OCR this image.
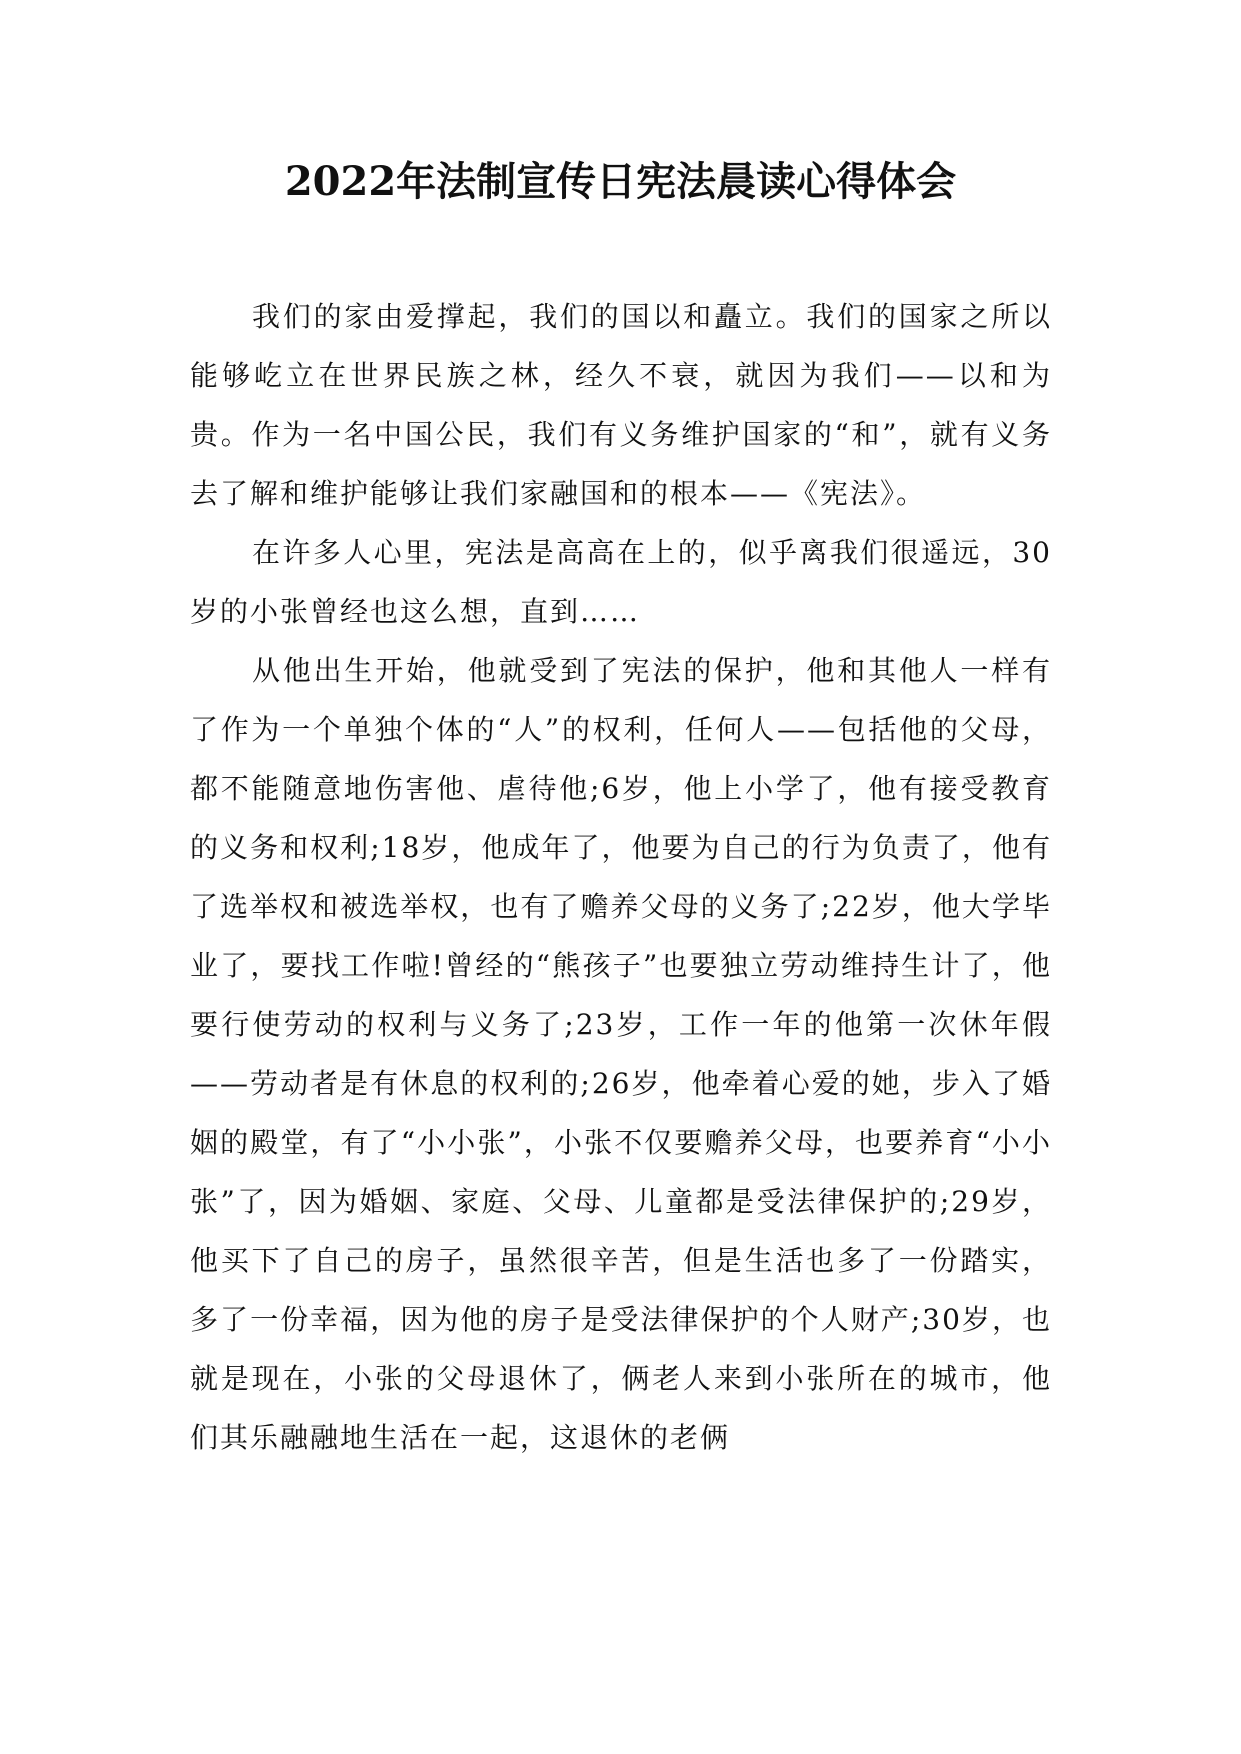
2022年法制宣传日宪法晨读心得体会

我们的家由爱撑起，我们的国以和矗立。我们的国家之所以能够屹立在世界民族之林，经久不衰，就因为我们——以和为贵。作为一名中国公民，我们有义务维护国家的“和”，就有义务去了解和维护能够让我们家融国和的根本——《宪法》。

在许多人心里，宪法是高高在上的，似乎离我们很遥远，30岁的小张曾经也这么想，直到……

从他出生开始，他就受到了宪法的保护，他和其他人一样有了作为一个单独个体的“人”的权利，任何人——包括他的父母，都不能随意地伤害他、虐待他;6岁，他上小学了，他有接受教育的义务和权利;18岁，他成年了，他要为自己的行为负责了，他有了选举权和被选举权，也有了赡养父母的义务了;22岁，他大学毕业了，要找工作啦!曾经的“熊孩子”也要独立劳动维持生计了，他要行使劳动的权利与义务了;23岁，工作一年的他第一次休年假——劳动者是有休息的权利的;26岁，他牵着心爱的她，步入了婚姻的殿堂，有了“小小张”，小张不仅要赡养父母，也要养育“小小张”了，因为婚姻、家庭、父母、儿童都是受法律保护的;29岁，他买下了自己的房子，虽然很辛苦，但是生活也多了一份踏实，多了一份幸福，因为他的房子是受法律保护的个人财产;30岁，也就是现在，小张的父母退休了，俩老人来到小张所在的城市，他们其乐融融地生活在一起，这退休的老俩
